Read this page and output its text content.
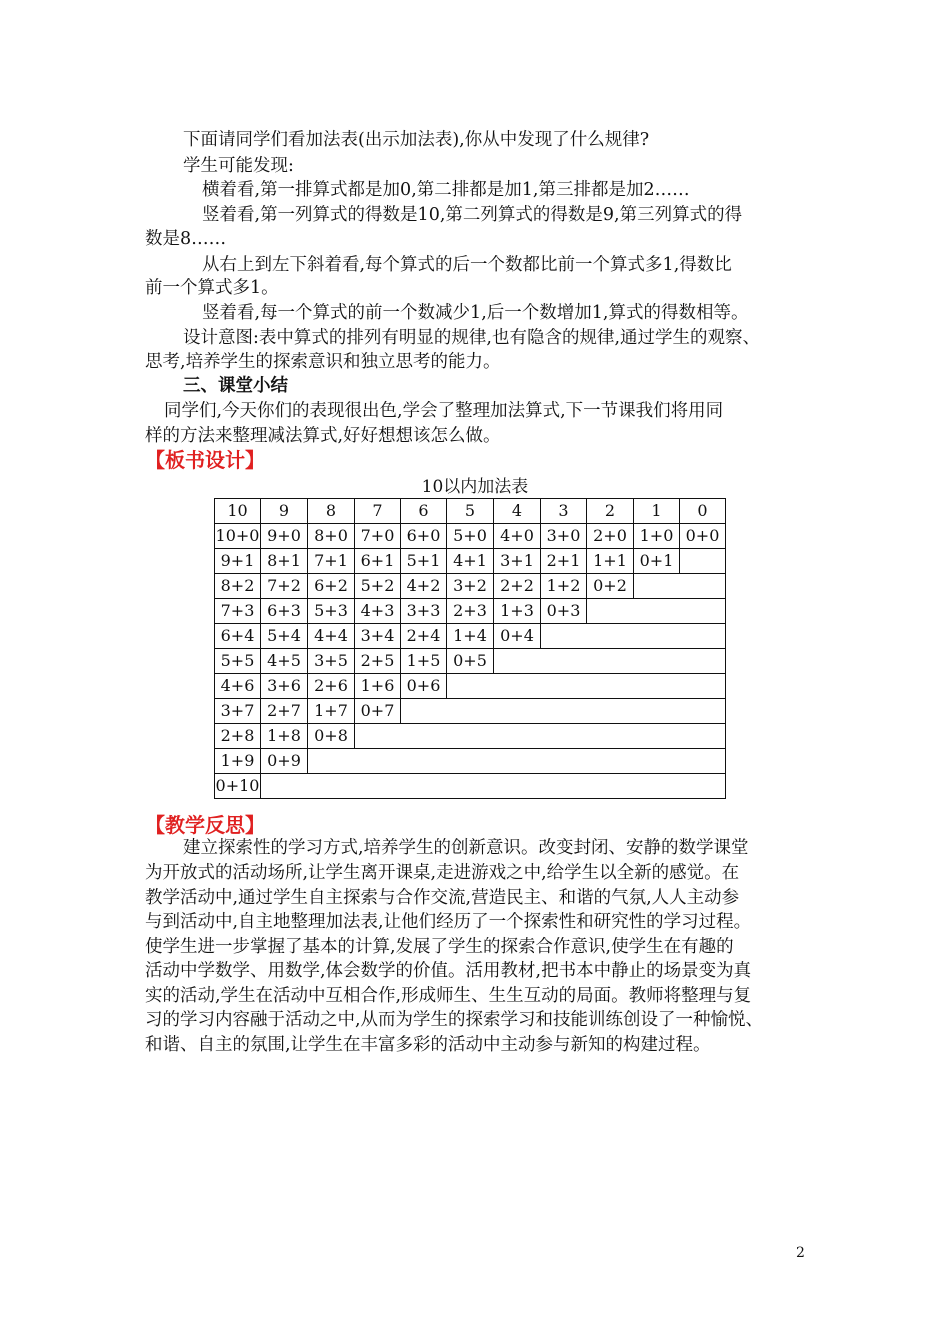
下面请同学们看加法表(出示加法表),你从中发现了什么规律?
学生可能发现:
横着看,第一排算式都是加0,第二排都是加1,第三排都是加2……
竖着看,第一列算式的得数是10,第二列算式的得数是9,第三列算式的得
数是8……
从右上到左下斜着看,每个算式的后一个数都比前一个算式多1,得数比
前一个算式多1。
竖着看,每一个算式的前一个数减少1,后一个数增加1,算式的得数相等。
设计意图:表中算式的排列有明显的规律,也有隐含的规律,通过学生的观察、
思考,培养学生的探索意识和独立思考的能力。
三、课堂小结
同学们,今天你们的表现很出色,学会了整理加法算式,下一节课我们将用同
样的方法来整理减法算式,好好想想该怎么做。
【板书设计】
10以内加法表
10	9	8	7	6	5	4	3	2	1	0
10+0 9+0 8+0 7+0 6+0 5+0 4+0 3+0 2+0 1+0 0+0
9+1 8+1 7+1 6+1 5+1 4+1 3+1 2+1 1+1 0+1
8+2 7+2 6+2 5+2 4+2 3+2 2+2 1+2 0+2
7+3 6+3 5+3 4+3 3+3 2+3 1+3 0+3
6+4 5+4 4+4 3+4 2+4 1+4 0+4
5+5 4+5 3+5 2+5 1+5 0+5
4+6 3+6 2+6 1+6 0+6
3+7 2+7 1+7 0+7
2+8 1+8 0+8
1+9 0+9
0+10
【教学反思】
建立探索性的学习方式,培养学生的创新意识。改变封闭、安静的数学课堂
为开放式的活动场所,让学生离开课桌,走进游戏之中,给学生以全新的感觉。在
教学活动中,通过学生自主探索与合作交流,营造民主、和谐的气氛,人人主动参
与到活动中,自主地整理加法表,让他们经历了一个探索性和研究性的学习过程。
使学生进一步掌握了基本的计算,发展了学生的探索合作意识,使学生在有趣的
活动中学数学、用数学,体会数学的价值。活用教材,把书本中静止的场景变为真
实的活动,学生在活动中互相合作,形成师生、生生互动的局面。教师将整理与复
习的学习内容融于活动之中,从而为学生的探索学习和技能训练创设了一种愉悦、
和谐、自主的氛围,让学生在丰富多彩的活动中主动参与新知的构建过程。
2
